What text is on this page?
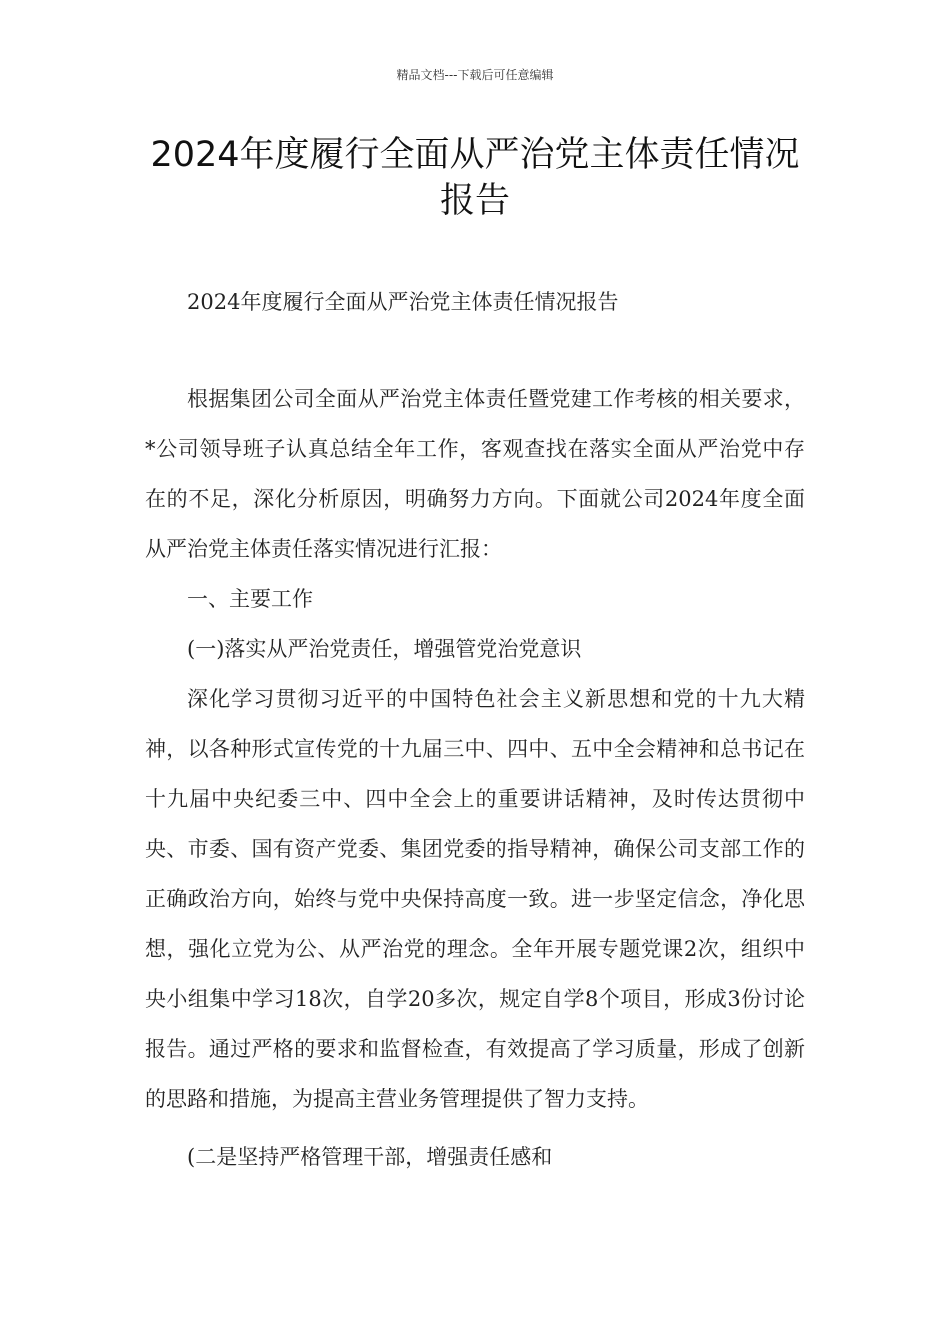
精品文档---下载后可任意编辑
2024年度履行全面从严治党主体责任情况报告
2024年度履行全面从严治党主体责任情况报告

根据集团公司全面从严治党主体责任暨党建工作考核的相关要求，*公司领导班子认真总结全年工作，客观查找在落实全面从严治党中存在的不足，深化分析原因，明确努力方向。下面就公司2024年度全面从严治党主体责任落实情况进行汇报：

一、主要工作

(一)落实从严治党责任，增强管党治党意识

深化学习贯彻习近平的中国特色社会主义新思想和党的十九大精神，以各种形式宣传党的十九届三中、四中、五中全会精神和总书记在十九届中央纪委三中、四中全会上的重要讲话精神，及时传达贯彻中央、市委、国有资产党委、集团党委的指导精神，确保公司支部工作的正确政治方向，始终与党中央保持高度一致。进一步坚定信念，净化思想，强化立党为公、从严治党的理念。全年开展专题党课2次，组织中央小组集中学习18次，自学20多次，规定自学8个项目，形成3份讨论报告。通过严格的要求和监督检查，有效提高了学习质量，形成了创新的思路和措施，为提高主营业务管理提供了智力支持。

(二是坚持严格管理干部，增强责任感和
